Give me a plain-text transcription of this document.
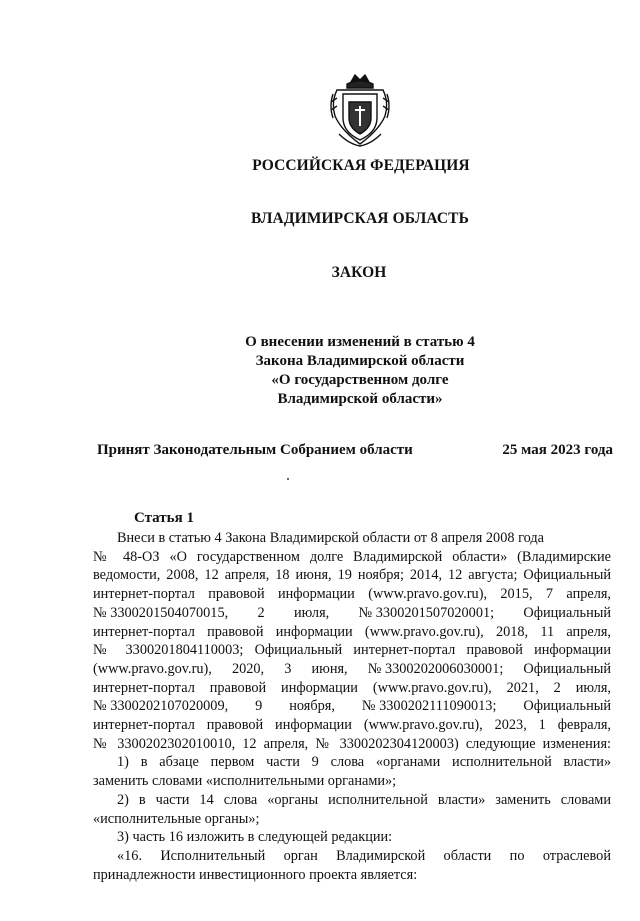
РОССИЙСКАЯ ФЕДЕРАЦИЯ
ВЛАДИМИРСКАЯ ОБЛАСТЬ
ЗАКОН
О внесении изменений в статью 4
Закона Владимирской области
«О государственном долге
Владимирской области»
Принят Законодательным Собранием области	25 мая 2023 года
Статья 1
Внеси в статью 4 Закона Владимирской области от 8 апреля 2008 года
№ 48-ОЗ «О государственном долге Владимирской области» (Владимирские
ведомости, 2008, 12 апреля, 18 июня, 19 ноября; 2014, 12 августа; Официальный
интернет-портал правовой информации (www.pravo.gov.ru), 2015, 7 апреля,
№ 3300201504070015, 2 июля, № 3300201507020001; Официальный
интернет-портал правовой информации (www.pravo.gov.ru), 2018, 11 апреля,
№ 3300201804110003; Официальный интернет-портал правовой информации
(www.pravo.gov.ru), 2020, 3 июня, № 3300202006030001; Официальный
интернет-портал правовой информации (www.pravo.gov.ru), 2021, 2 июля,
№ 3300202107020009, 9 ноября, № 3300202111090013; Официальный
интернет-портал правовой информации (www.pravo.gov.ru), 2023, 1 февраля,
№ 3300202302010010, 12 апреля, № 3300202304120003) следующие изменения:
1) в абзаце первом части 9 слова «органами исполнительной власти»
заменить словами «исполнительными органами»;
2) в части 14 слова «органы исполнительной власти» заменить словами
«исполнительные органы»;
3) часть 16 изложить в следующей редакции:
«16. Исполнительный орган Владимирской области по отраслевой
принадлежности инвестиционного проекта является:
